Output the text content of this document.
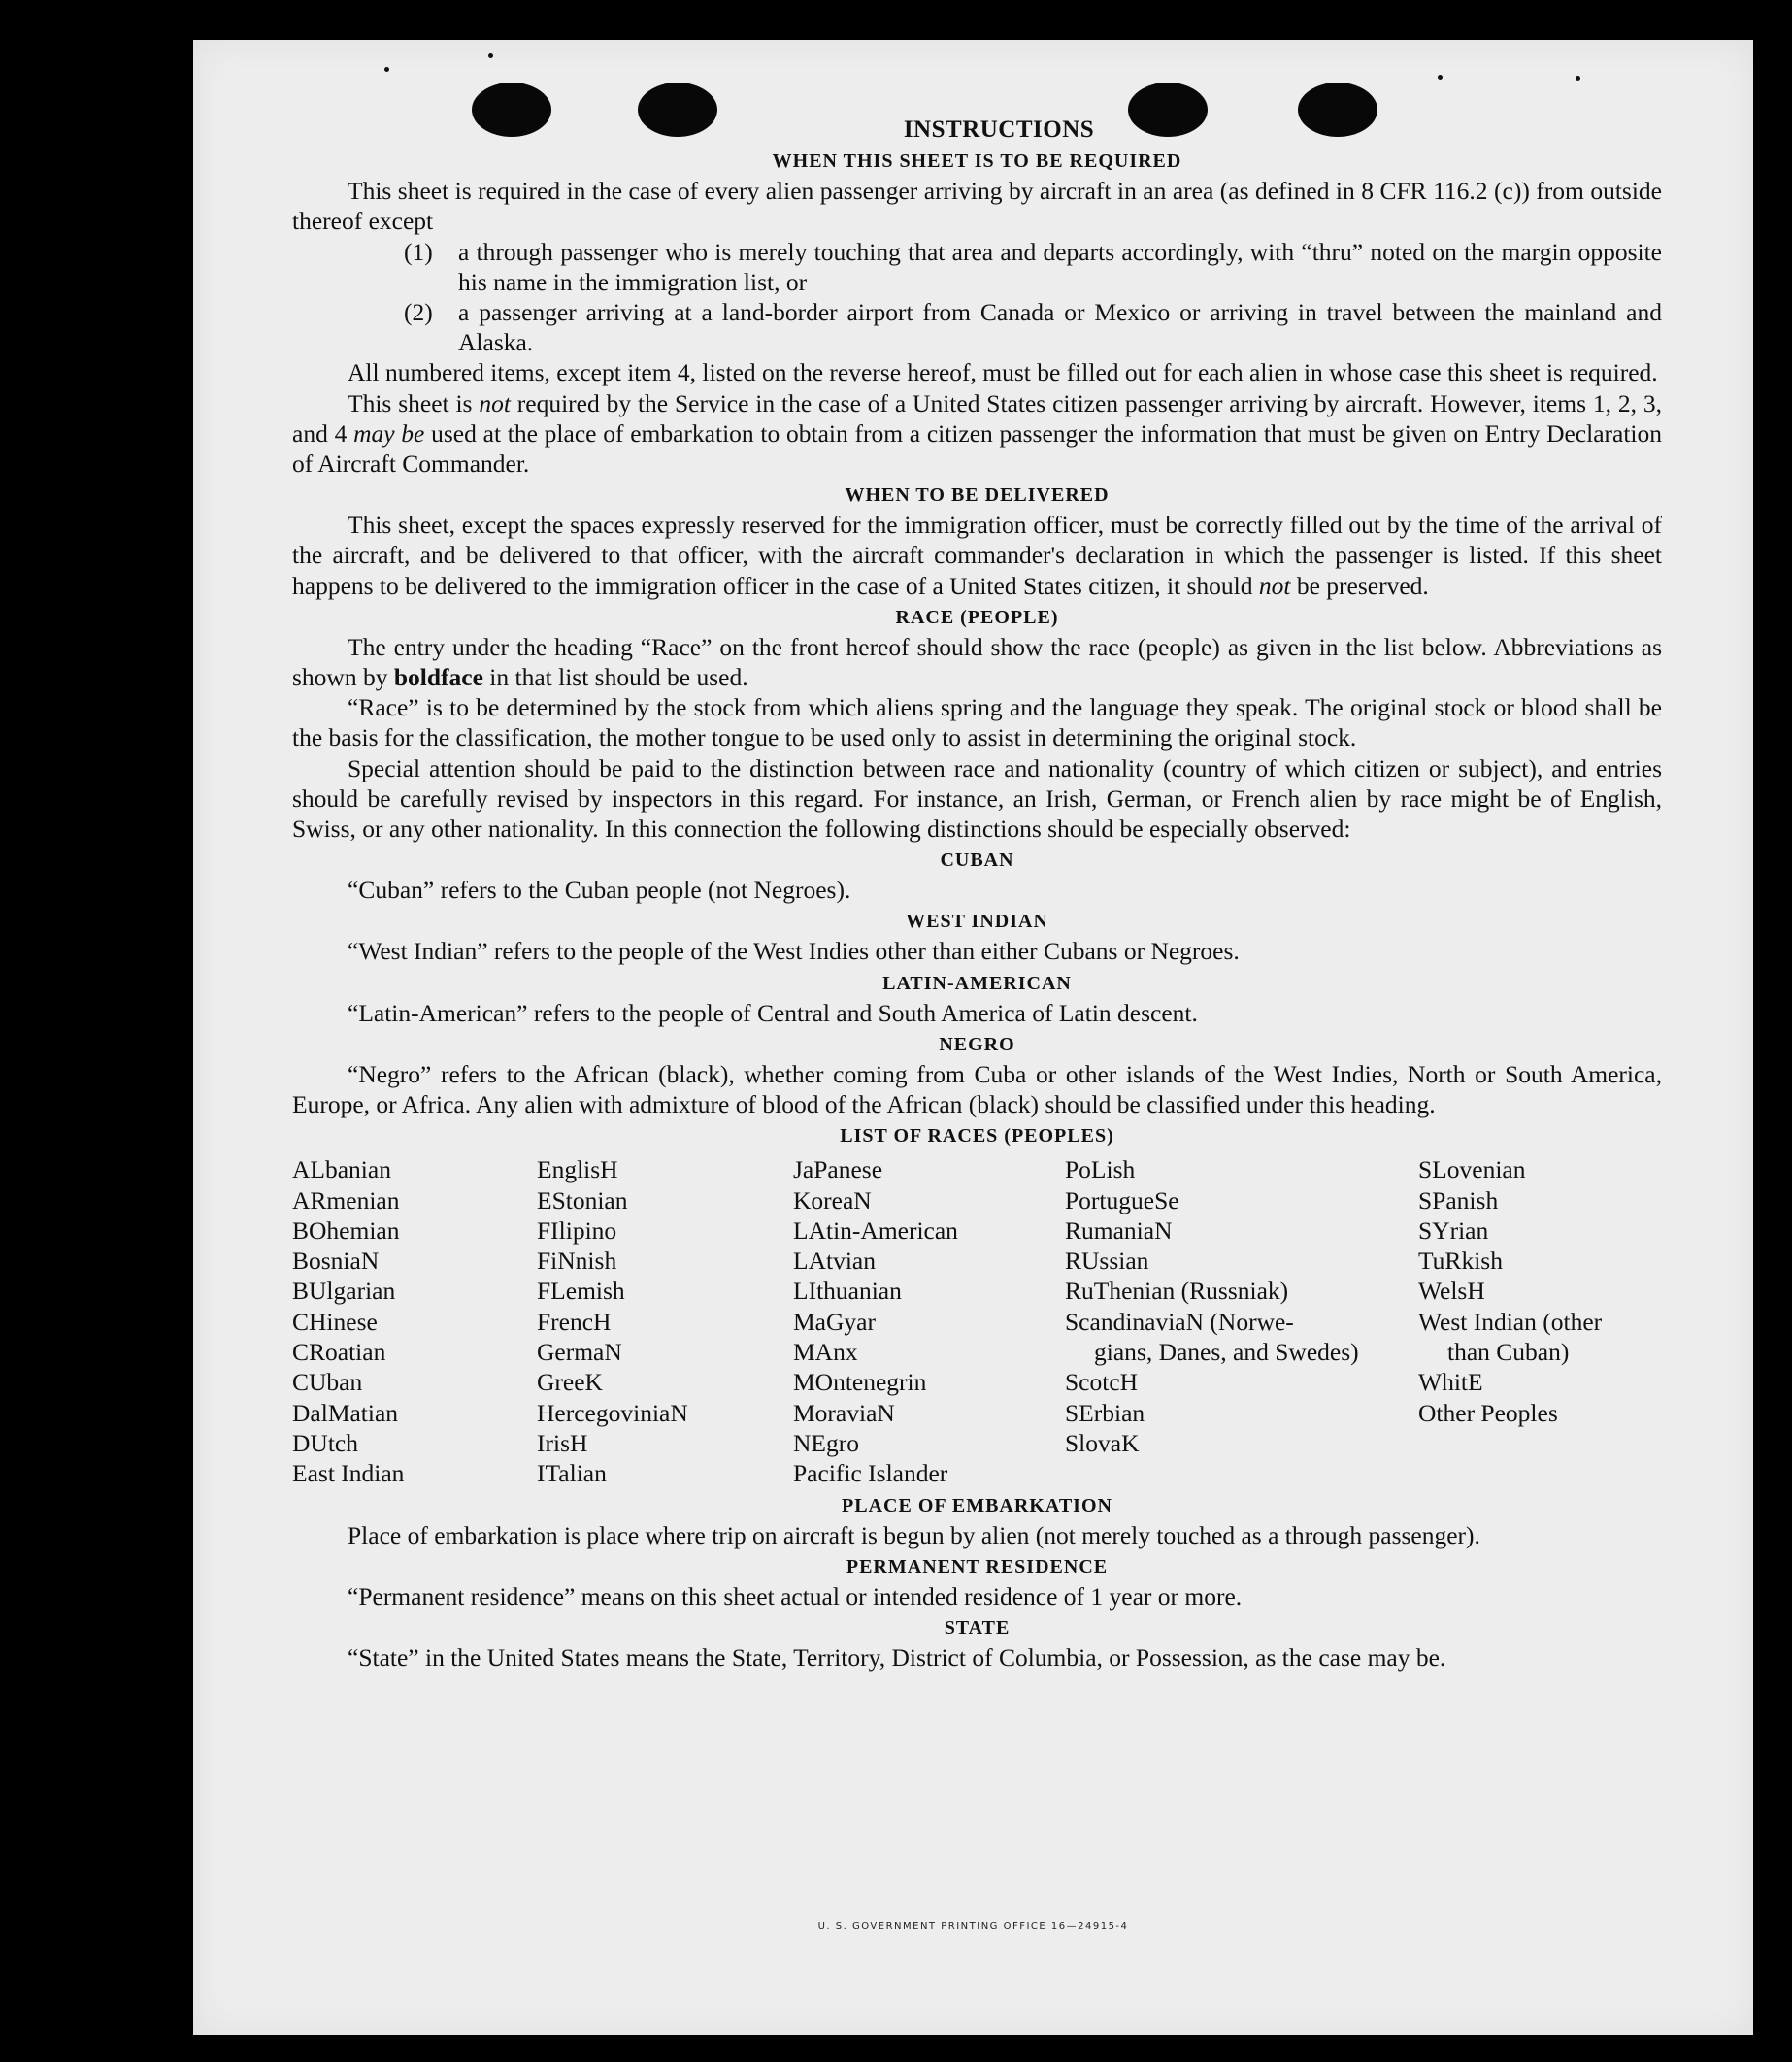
INSTRUCTIONS
WHEN THIS SHEET IS TO BE REQUIRED

This sheet is required in the case of every alien passenger arriving by aircraft in an area (as defined in 8 CFR 116.2 (c)) from outside thereof except

(1)	a through passenger who is merely touching that area and departs accordingly, with “thru” noted on the margin opposite his name in the immigration list, or
(2)	a passenger arriving at a land-border airport from Canada or Mexico or arriving in travel between the mainland and Alaska.

All numbered items, except item 4, listed on the reverse hereof, must be filled out for each alien in whose case this sheet is required.

This sheet is not required by the Service in the case of a United States citizen passenger arriving by aircraft. However, items 1, 2, 3, and 4 may be used at the place of embarkation to obtain from a citizen passenger the information that must be given on Entry Declaration of Aircraft Commander.

WHEN TO BE DELIVERED

This sheet, except the spaces expressly reserved for the immigration officer, must be correctly filled out by the time of the arrival of the aircraft, and be delivered to that officer, with the aircraft commander's declaration in which the passenger is listed. If this sheet happens to be delivered to the immigration officer in the case of a United States citizen, it should not be preserved.

RACE (PEOPLE)

The entry under the heading “Race” on the front hereof should show the race (people) as given in the list below. Abbreviations as shown by boldface in that list should be used.

“Race” is to be determined by the stock from which aliens spring and the language they speak. The original stock or blood shall be the basis for the classification, the mother tongue to be used only to assist in determining the original stock.

Special attention should be paid to the distinction between race and nationality (country of which citizen or subject), and entries should be carefully revised by inspectors in this regard. For instance, an Irish, German, or French alien by race might be of English, Swiss, or any other nationality. In this connection the following distinctions should be especially observed:

CUBAN

“Cuban” refers to the Cuban people (not Negroes).

WEST INDIAN

“West Indian” refers to the people of the West Indies other than either Cubans or Negroes.

LATIN-AMERICAN

“Latin-American” refers to the people of Central and South America of Latin descent.

NEGRO

“Negro” refers to the African (black), whether coming from Cuba or other islands of the West Indies, North or South America, Europe, or Africa. Any alien with admixture of blood of the African (black) should be classified under this heading.

LIST OF RACES (PEOPLES)
ALbanian
ARmenian
BOhemian
BosniaN
BUlgarian
CHinese
CRoatian
CUban
DalMatian
DUtch
East Indian
EnglisH
EStonian
FIlipino
FiNnish
FLemish
FrencH
GermaN
GreeK
HercegoviniaN
IrisH
ITalian
JaPanese
KoreaN
LAtin-American
LAtvian
LIthuanian
MaGyar
MAnx
MOntenegrin
MoraviaN
NEgro
Pacific Islander
PoLish
PortugueSe
RumaniaN
RUssian
RuThenian (Russniak)
ScandinaviaN (Norwe-
gians, Danes, and Swedes)
ScotcH
SErbian
SlovaK
SLovenian
SPanish
SYrian
TuRkish
WelsH
West Indian (other
than Cuban)
WhitE
Other Peoples
PLACE OF EMBARKATION

Place of embarkation is place where trip on aircraft is begun by alien (not merely touched as a through passenger).

PERMANENT RESIDENCE

“Permanent residence” means on this sheet actual or intended residence of 1 year or more.

STATE

“State” in the United States means the State, Territory, District of Columbia, or Possession, as the case may be.

U. S. GOVERNMENT PRINTING OFFICE 16—24915-4
